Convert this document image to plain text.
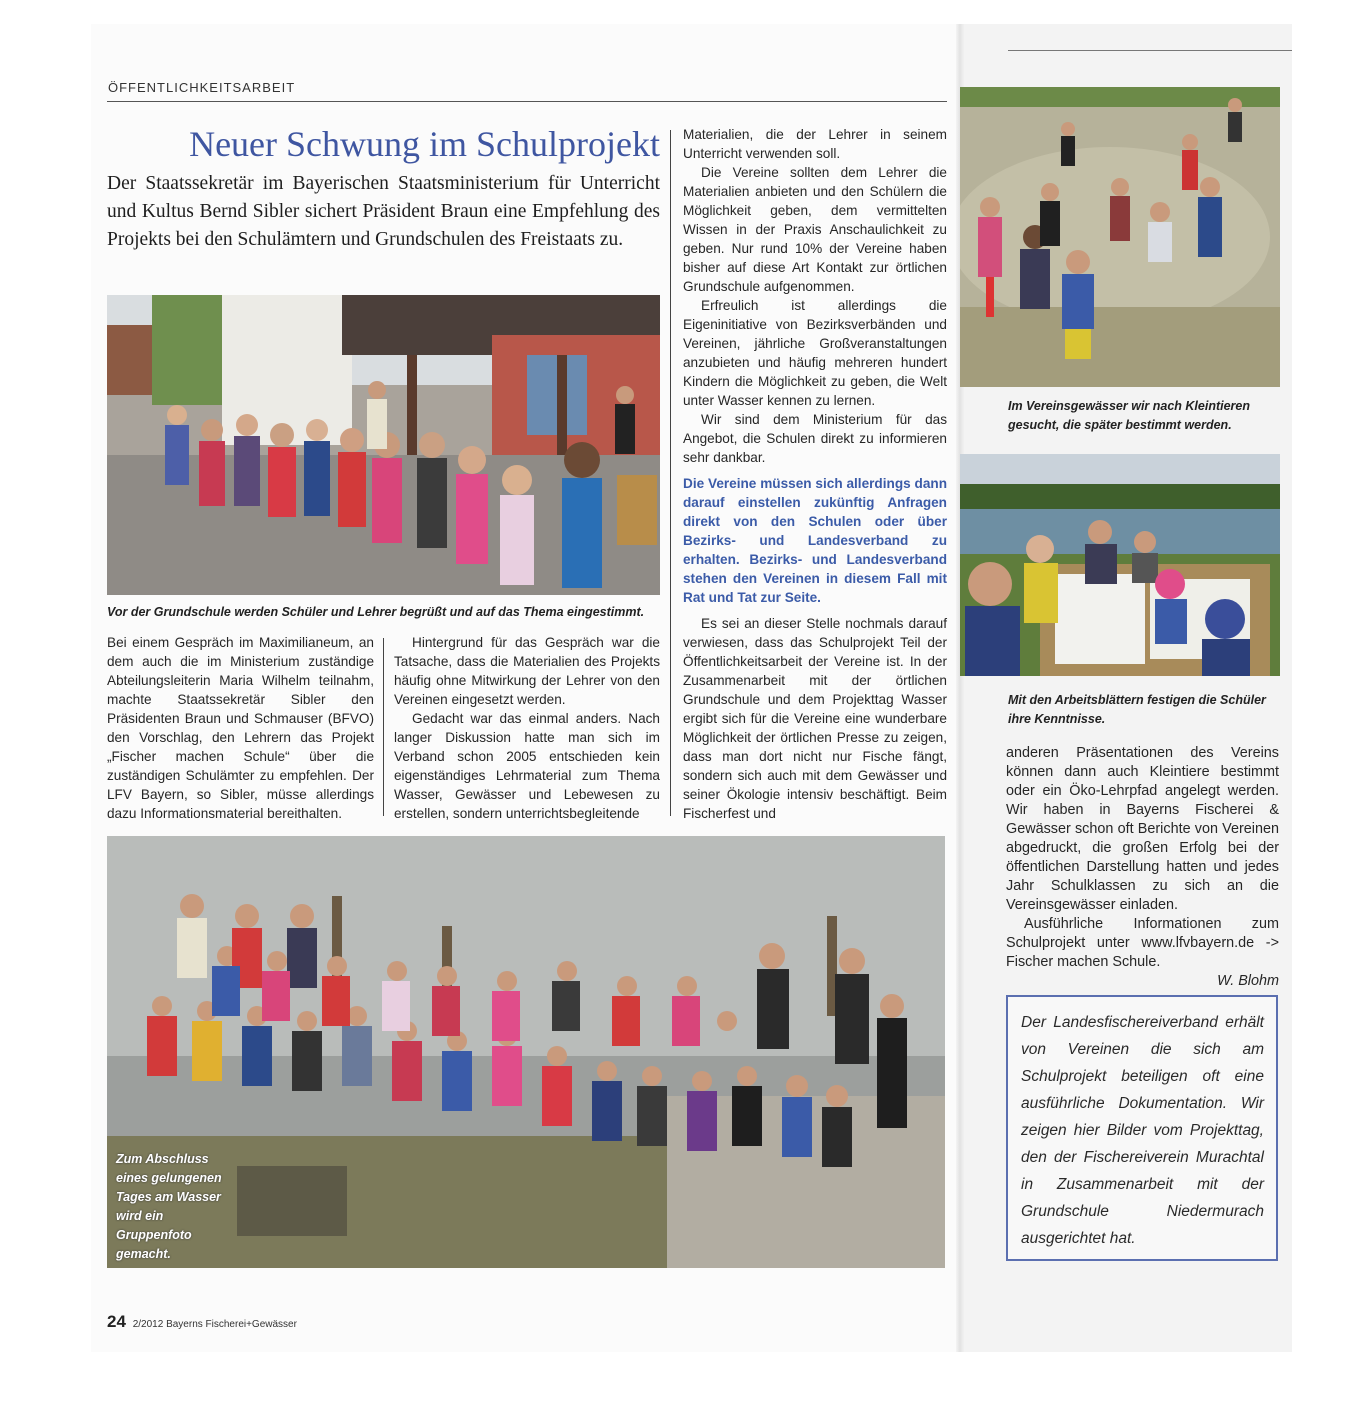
ÖFFENTLICHKEITSARBEIT
Neuer Schwung im Schulprojekt
Der Staatssekretär im Bayerischen Staatsministerium für Unterricht und Kultus Bernd Sibler sichert Präsident Braun eine Empfehlung des Projekts bei den Schulämtern und Grundschulen des Freistaats zu.
Vor der Grundschule werden Schüler und Lehrer begrüßt und auf das Thema eingestimmt.

Bei einem Gespräch im Maximilianeum, an dem auch die im Ministerium zuständige Abteilungsleiterin Maria Wilhelm teilnahm, machte Staatssekretär Sibler den Präsidenten Braun und Schmauser (BFVO) den Vorschlag, den Lehrern das Projekt „Fischer machen Schule“ über die zuständigen Schulämter zu empfehlen. Der LFV Bayern, so Sibler, müsse allerdings dazu Informationsmaterial bereithalten.

Hintergrund für das Gespräch war die Tatsache, dass die Materialien des Projekts häufig ohne Mitwirkung der Lehrer von den Vereinen eingesetzt werden.

Gedacht war das einmal anders. Nach langer Diskussion hatte man sich im Verband schon 2005 entschieden kein eigenständiges Lehrmaterial zum Thema Wasser, Gewässer und Lebewesen zu erstellen, sondern unterrichtsbegleitende

Materialien, die der Lehrer in seinem Unterricht verwenden soll.

Die Vereine sollten dem Lehrer die Materialien anbieten und den Schülern die Möglichkeit geben, dem vermittelten Wissen in der Praxis Anschaulichkeit zu geben. Nur rund 10% der Vereine haben bisher auf diese Art Kontakt zur örtlichen Grundschule aufgenommen.

Erfreulich ist allerdings die Eigeninitiative von Bezirksverbänden und Vereinen, jährliche Großveranstaltungen anzubieten und häufig mehreren hundert Kindern die Möglichkeit zu geben, die Welt unter Wasser kennen zu lernen.

Wir sind dem Ministerium für das Angebot, die Schulen direkt zu informieren sehr dankbar.

Die Vereine müssen sich allerdings dann darauf einstellen zukünftig Anfragen direkt von den Schulen oder über Bezirks- und Landesverband zu erhalten. Bezirks- und Landesverband stehen den Vereinen in diesem Fall mit Rat und Tat zur Seite.

Es sei an dieser Stelle nochmals darauf verwiesen, dass das Schulprojekt Teil der Öffentlichkeitsarbeit der Vereine ist. In der Zusammenarbeit mit der örtlichen Grundschule und dem Projekttag Wasser ergibt sich für die Vereine eine wunderbare Möglichkeit der örtlichen Presse zu zeigen, dass man dort nicht nur Fische fängt, sondern sich auch mit dem Gewässer und seiner Ökologie intensiv beschäftigt. Beim Fischerfest und

Im Vereinsgewässer wir nach Kleintieren gesucht, die später bestimmt werden.
Mit den Arbeitsblättern festigen die Schüler ihre Kenntnisse.

anderen Präsentationen des Vereins können dann auch Kleintiere bestimmt oder ein Öko-Lehrpfad angelegt werden. Wir haben in Bayerns Fischerei & Gewässer schon oft Berichte von Vereinen abgedruckt, die großen Erfolg bei der öffentlichen Darstellung hatten und jedes Jahr Schulklassen zu sich an die Vereinsgewässer einladen.

Ausführliche Informationen zum Schulprojekt unter www.lfvbayern.de -> Fischer machen Schule.

W. Blohm

Der Landesfischereiverband erhält von Vereinen die sich am Schulprojekt beteiligen oft eine ausführliche Dokumentation. Wir zeigen hier Bilder vom Projekttag, den der Fischereiverein Murachtal in Zusammenarbeit mit der Grundschule Niedermurach ausgerichtet hat.
Zum Abschluss eines gelungenen Tages am Wasser wird ein Gruppenfoto gemacht.
24 2/2012 Bayerns Fischerei+Gewässer
